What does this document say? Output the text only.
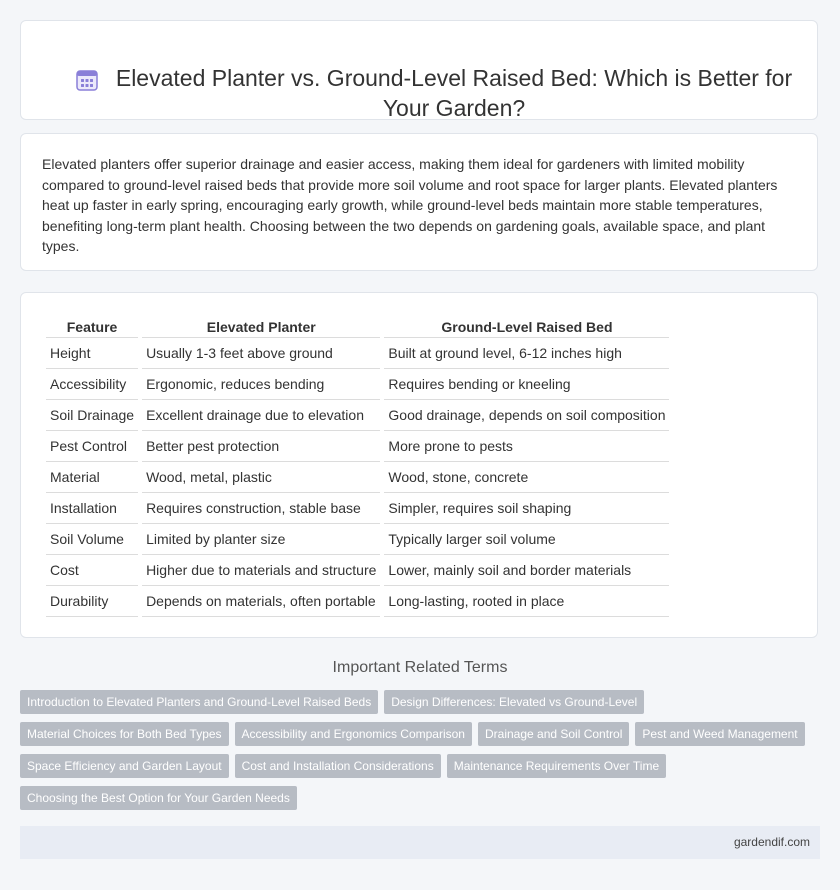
Elevated Planter vs. Ground-Level Raised Bed: Which is Better for Your Garden?
Elevated planters offer superior drainage and easier access, making them ideal for gardeners with limited mobility compared to ground-level raised beds that provide more soil volume and root space for larger plants. Elevated planters heat up faster in early spring, encouraging early growth, while ground-level beds maintain more stable temperatures, benefiting long-term plant health. Choosing between the two depends on gardening goals, available space, and plant types.
Feature	Elevated Planter	Ground-Level Raised Bed
Height	Usually 1-3 feet above ground	Built at ground level, 6-12 inches high
Accessibility	Ergonomic, reduces bending	Requires bending or kneeling
Soil Drainage	Excellent drainage due to elevation	Good drainage, depends on soil composition
Pest Control	Better pest protection	More prone to pests
Material	Wood, metal, plastic	Wood, stone, concrete
Installation	Requires construction, stable base	Simpler, requires soil shaping
Soil Volume	Limited by planter size	Typically larger soil volume
Cost	Higher due to materials and structure	Lower, mainly soil and border materials
Durability	Depends on materials, often portable	Long-lasting, rooted in place
Important Related Terms
Introduction to Elevated Planters and Ground-Level Raised Beds	Design Differences: Elevated vs Ground-Level
Material Choices for Both Bed Types	Accessibility and Ergonomics Comparison	Drainage and Soil Control	Pest and Weed Management
Space Efficiency and Garden Layout	Cost and Installation Considerations	Maintenance Requirements Over Time
Choosing the Best Option for Your Garden Needs
gardendif.com
